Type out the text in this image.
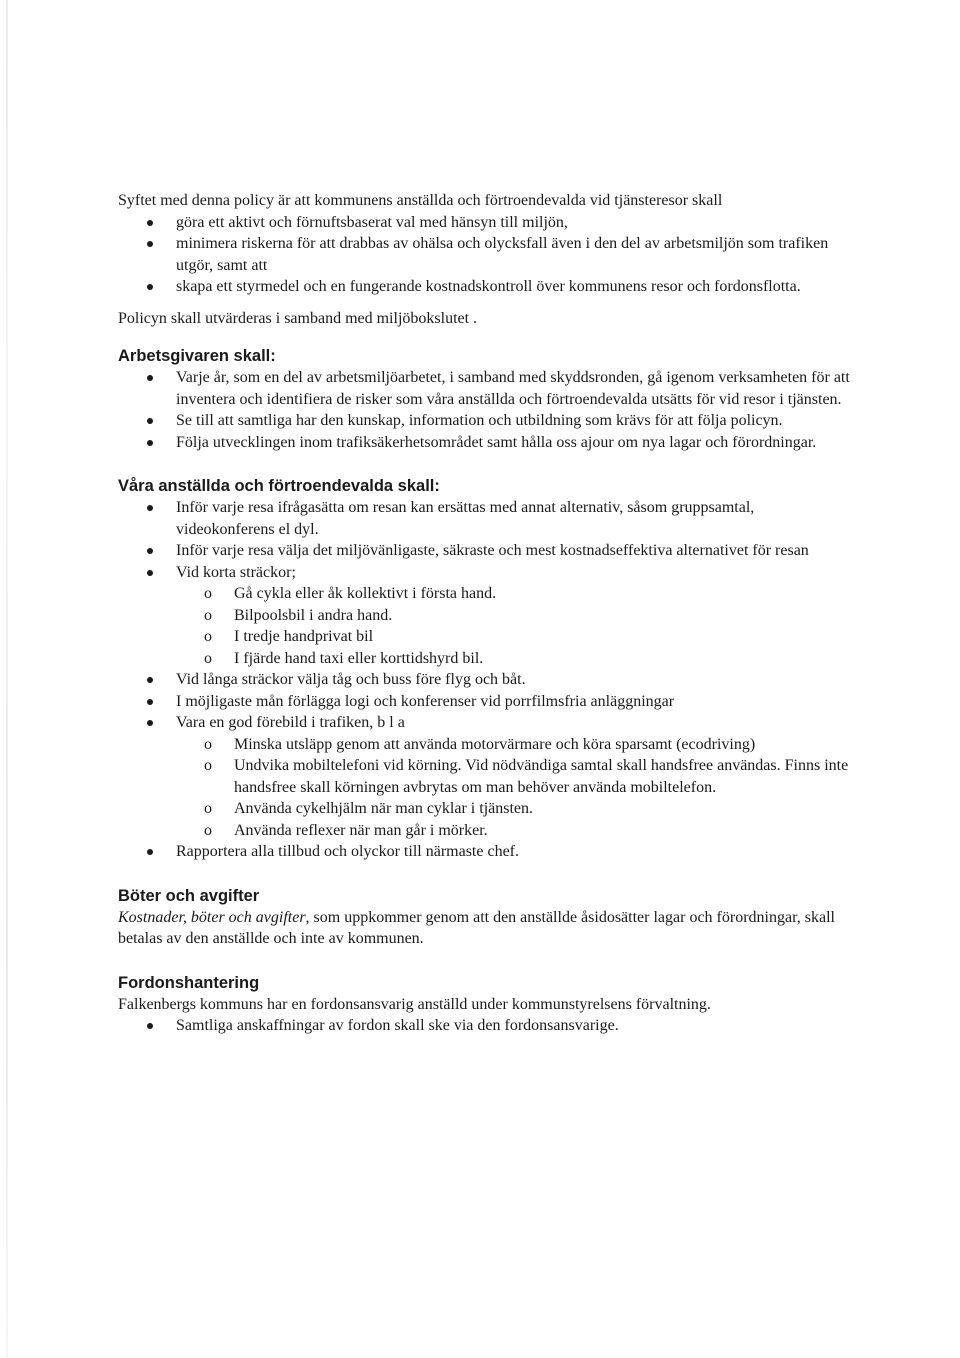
Syftet med denna policy är att kommunens anställda och förtroendevalda vid tjänsteresor skall

göra ett aktivt och förnuftsbaserat val med hänsyn till miljön,
minimera riskerna för att drabbas av ohälsa och olycksfall även i den del av arbetsmiljön som trafiken utgör, samt att
skapa ett styrmedel och en fungerande kostnadskontroll över kommunens resor och fordonsflotta.

Policyn skall utvärderas i samband med miljöbokslutet .

Arbetsgivaren skall:

Varje år, som en del av arbetsmiljöarbetet, i samband med skyddsronden, gå igenom verksamheten för att inventera och identifiera de risker som våra anställda och förtroendevalda utsätts för vid resor i tjänsten.
Se till att samtliga har den kunskap, information och utbildning som krävs för att följa policyn.
Följa utvecklingen inom trafiksäkerhetsområdet samt hålla oss ajour om nya lagar och förordningar.

Våra anställda och förtroendevalda skall:

Inför varje resa ifrågasätta om resan kan ersättas med annat alternativ, såsom gruppsamtal, videokonferens el dyl.
Inför varje resa välja det miljövänligaste, säkraste och mest kostnadseffektiva alternativet för resan
Vid korta sträckor;
o Gå cykla eller åk kollektivt i första hand.
o Bilpoolsbil i andra hand.
o I tredje handprivat bil
o I fjärde hand taxi eller korttidshyrd bil.
Vid långa sträckor välja tåg och buss före flyg och båt.
I möjligaste mån förlägga logi och konferenser vid porrfilmsfria anläggningar
Vara en god förebild i trafiken, b l a
o Minska utsläpp genom att använda motorvärmare och köra sparsamt (ecodriving)
o Undvika mobiltelefoni vid körning. Vid nödvändiga samtal skall handsfree användas. Finns inte handsfree skall körningen avbrytas om man behöver använda mobiltelefon.
o Använda cykelhjälm när man cyklar i tjänsten.
o Använda reflexer när man går i mörker.
Rapportera alla tillbud och olyckor till närmaste chef.

Böter och avgifter

Kostnader, böter och avgifter, som uppkommer genom att den anställde åsidosätter lagar och förordningar, skall betalas av den anställde och inte av kommunen.

Fordonshantering

Falkenbergs kommuns har en fordonsansvarig anställd under kommunstyrelsens förvaltning.

Samtliga anskaffningar av fordon skall ske via den fordonsansvarige.
